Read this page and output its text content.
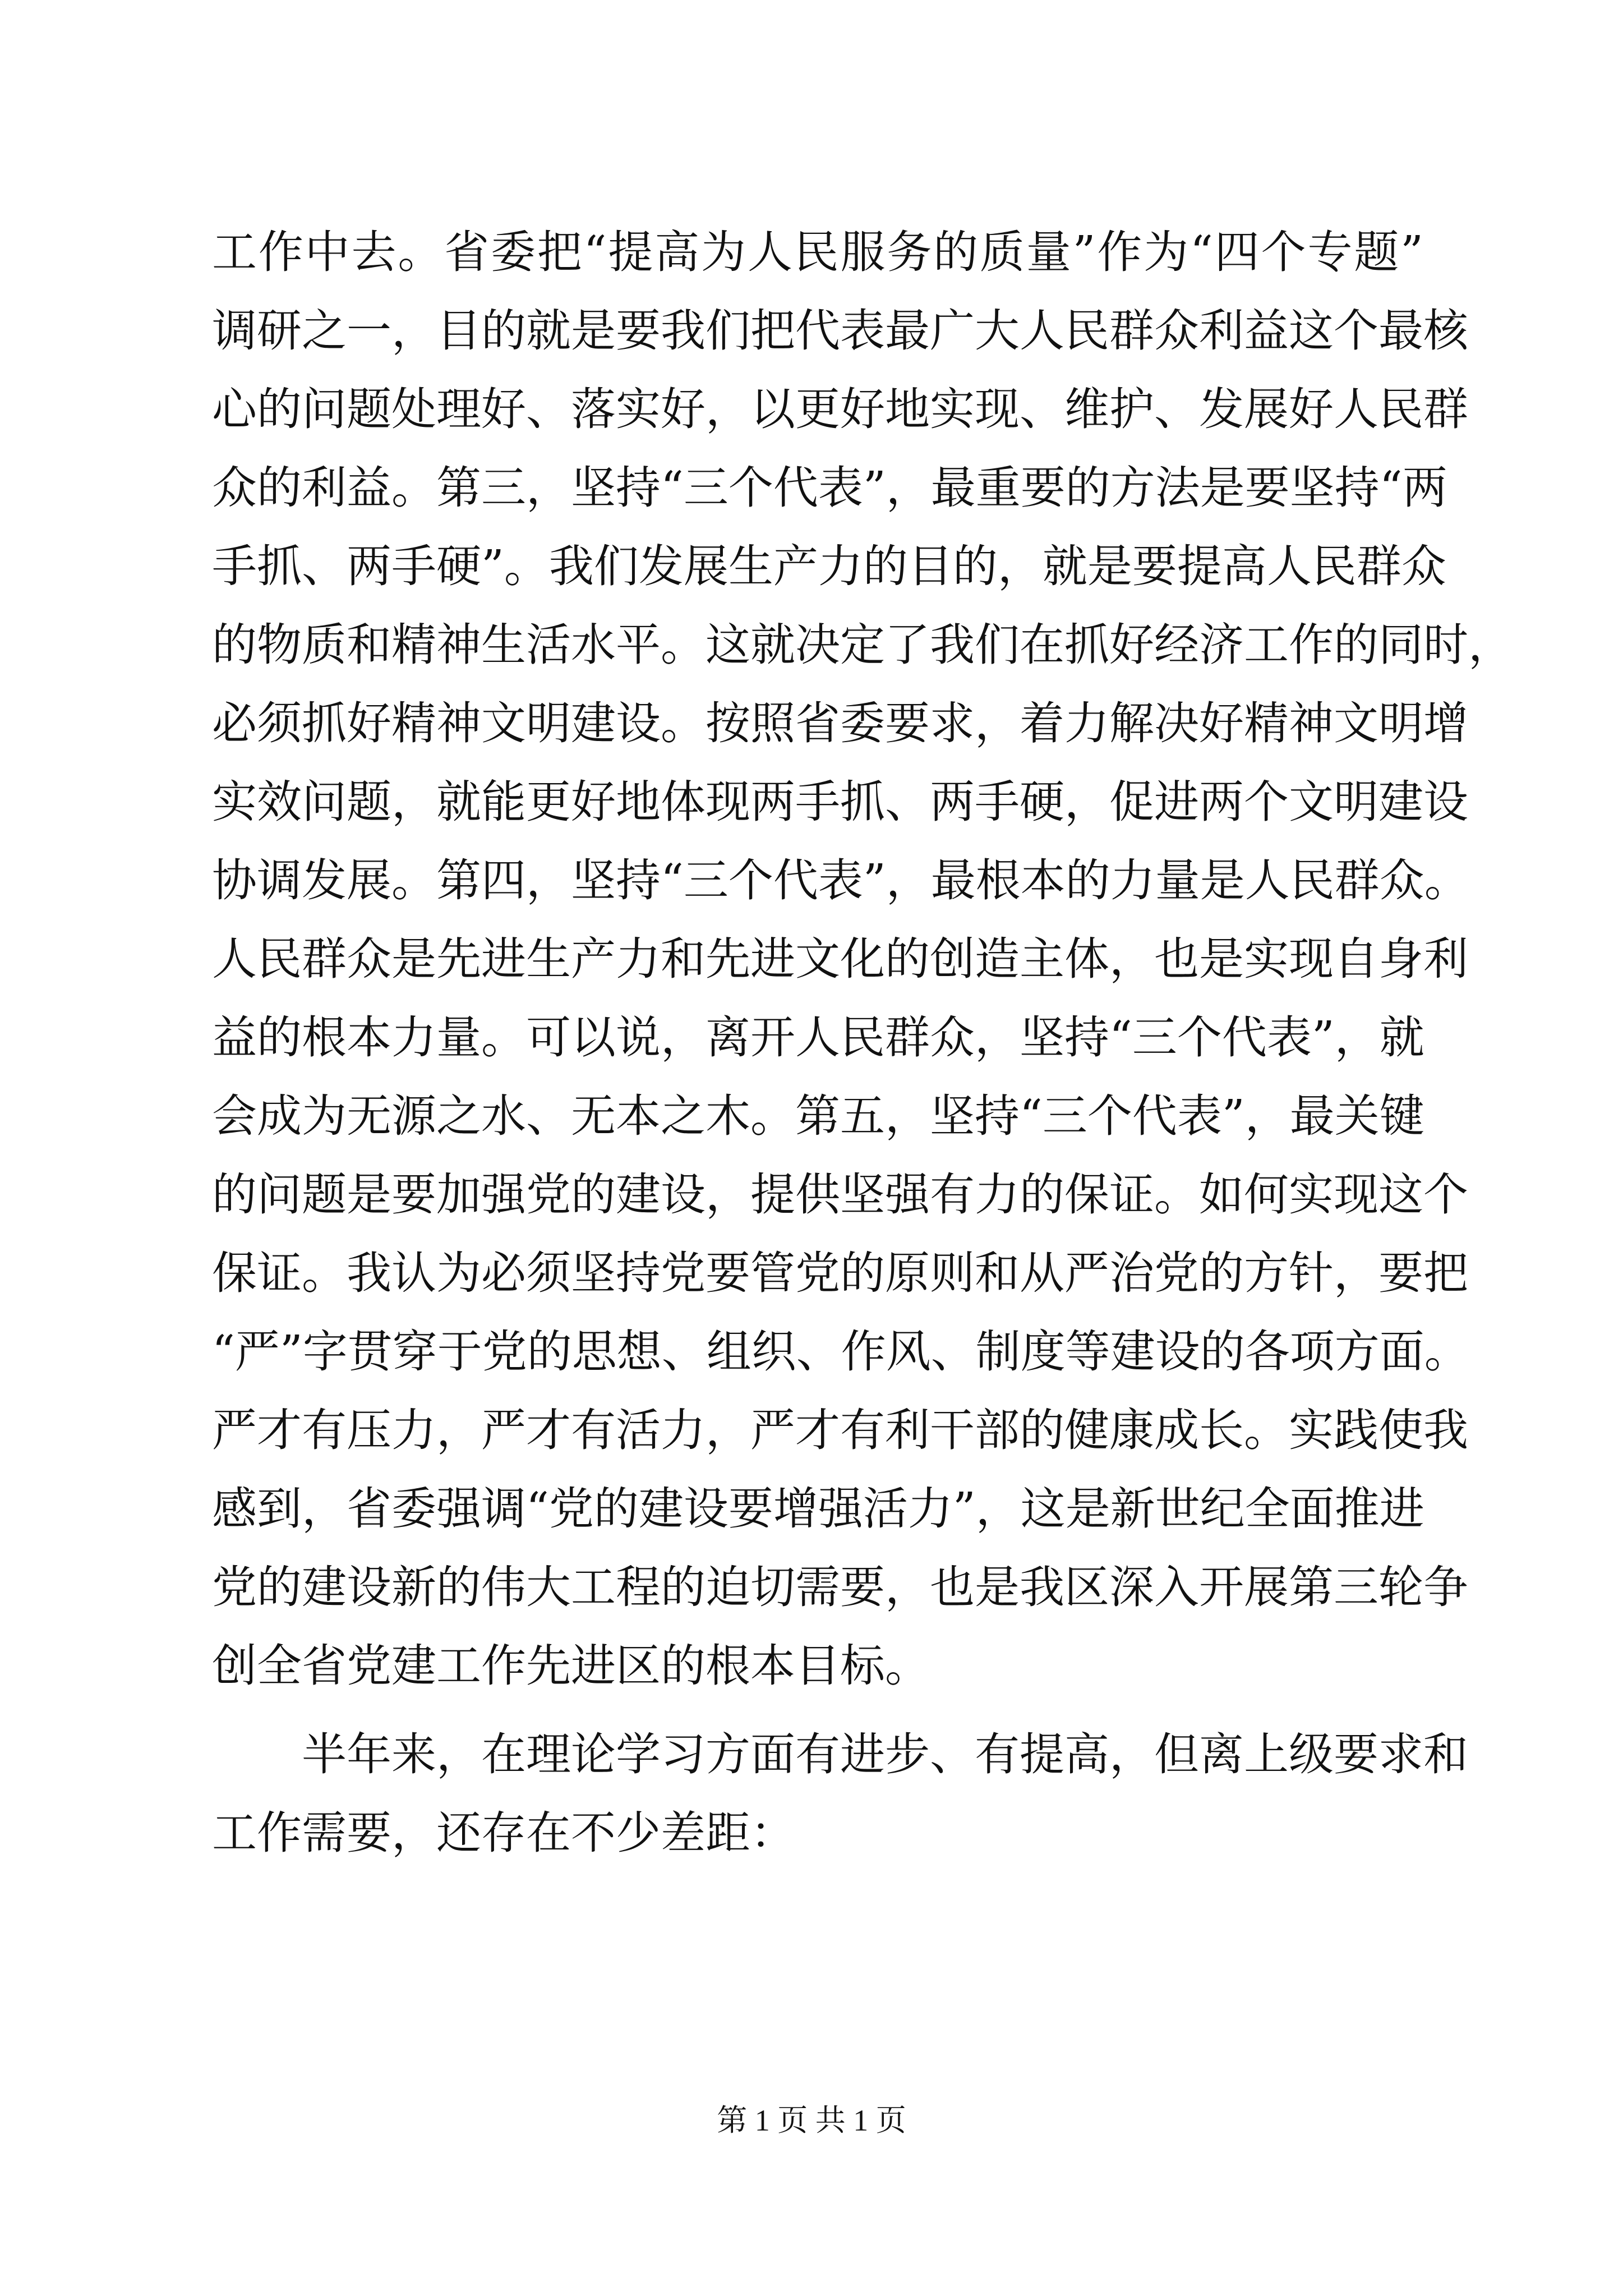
工作中去。省委把“提高为人民服务的质量”作为“四个专题”
调研之一，目的就是要我们把代表最广大人民群众利益这个最核
心的问题处理好、落实好，以更好地实现、维护、发展好人民群
众的利益。第三，坚持“三个代表”，最重要的方法是要坚持“两
手抓、两手硬”。我们发展生产力的目的，就是要提高人民群众
的物质和精神生活水平。这就决定了我们在抓好经济工作的同时，
必须抓好精神文明建设。按照省委要求，着力解决好精神文明增
实效问题，就能更好地体现两手抓、两手硬，促进两个文明建设
协调发展。第四，坚持“三个代表”，最根本的力量是人民群众。
人民群众是先进生产力和先进文化的创造主体，也是实现自身利
益的根本力量。可以说，离开人民群众，坚持“三个代表”，就
会成为无源之水、无本之木。第五，坚持“三个代表”，最关键
的问题是要加强党的建设，提供坚强有力的保证。如何实现这个
保证。我认为必须坚持党要管党的原则和从严治党的方针，要把
“严”字贯穿于党的思想、组织、作风、制度等建设的各项方面。
严才有压力，严才有活力，严才有利干部的健康成长。实践使我
感到，省委强调“党的建设要增强活力”，这是新世纪全面推进
党的建设新的伟大工程的迫切需要，也是我区深入开展第三轮争
创全省党建工作先进区的根本目标。
　　半年来，在理论学习方面有进步、有提高，但离上级要求和
工作需要，还存在不少差距：
第 1 页 共 1 页
